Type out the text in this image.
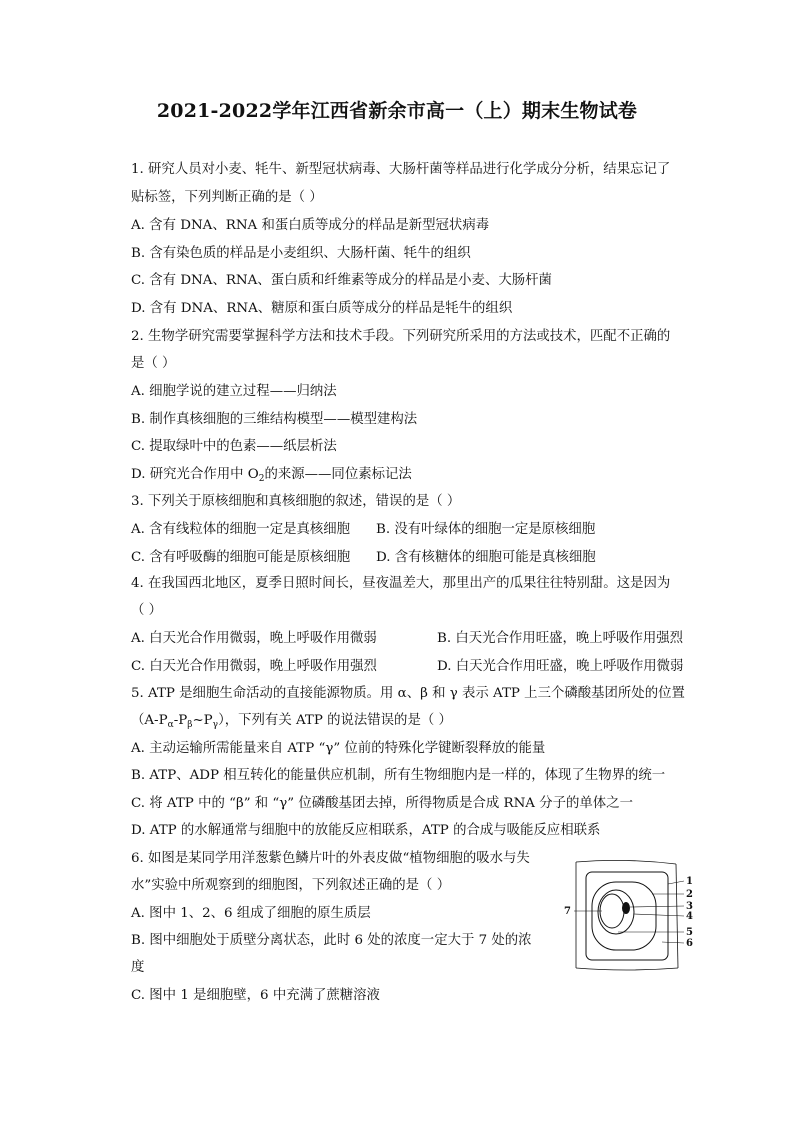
2021-2022学年江西省新余市高一（上）期末生物试卷
1. 研究人员对小麦、牦牛、新型冠状病毒、大肠杆菌等样品进行化学成分分析，结果忘记了
贴标签，下列判断正确的是（ ）
A. 含有 DNA、RNA 和蛋白质等成分的样品是新型冠状病毒
B. 含有染色质的样品是小麦组织、大肠杆菌、牦牛的组织
C. 含有 DNA、RNA、蛋白质和纤维素等成分的样品是小麦、大肠杆菌
D. 含有 DNA、RNA、糖原和蛋白质等成分的样品是牦牛的组织
2. 生物学研究需要掌握科学方法和技术手段。下列研究所采用的方法或技术，匹配不正确的
是（ ）
A. 细胞学说的建立过程——归纳法
B. 制作真核细胞的三维结构模型——模型建构法
C. 提取绿叶中的色素——纸层析法
D. 研究光合作用中 $O_2$的来源——同位素标记法
3. 下列关于原核细胞和真核细胞的叙述，错误的是（ ）
A. 含有线粒体的细胞一定是真核细胞 B. 没有叶绿体的细胞一定是原核细胞
C. 含有呼吸酶的细胞可能是原核细胞 D. 含有核糖体的细胞可能是真核细胞
4. 在我国西北地区，夏季日照时间长，昼夜温差大，那里出产的瓜果往往特别甜。这是因为
（ ）
A. 白天光合作用微弱，晚上呼吸作用微弱	B. 白天光合作用旺盛，晚上呼吸作用强烈
C. 白天光合作用微弱，晚上呼吸作用强烈	D. 白天光合作用旺盛，晚上呼吸作用微弱
5. ATP 是细胞生命活动的直接能源物质。用 α、β 和 γ 表示 ATP 上三个磷酸基团所处的位置
$(A-P_\alpha-P_\beta\sim P_\gamma)$，下列有关 ATP 的说法错误的是（ ）
A. 主动运输所需能量来自 ATP “γ” 位前的特殊化学键断裂释放的能量
B. ATP、ADP 相互转化的能量供应机制，所有生物细胞内是一样的，体现了生物界的统一
C. 将 ATP 中的 “β” 和 “γ” 位磷酸基团去掉，所得物质是合成 RNA 分子的单体之一
D. ATP 的水解通常与细胞中的放能反应相联系，ATP 的合成与吸能反应相联系
6. 如图是某同学用洋葱紫色鳞片叶的外表皮做“植物细胞的吸水与失
水”实验中所观察到的细胞图，下列叙述正确的是（ ）
A. 图中 1、2、6 组成了细胞的原生质层
B. 图中细胞处于质壁分离状态，此时 6 处的浓度一定大于 7 处的浓
度
C. 图中 1 是细胞壁，6 中充满了蔗糖溶液
1
2
3
4
5
6
7
